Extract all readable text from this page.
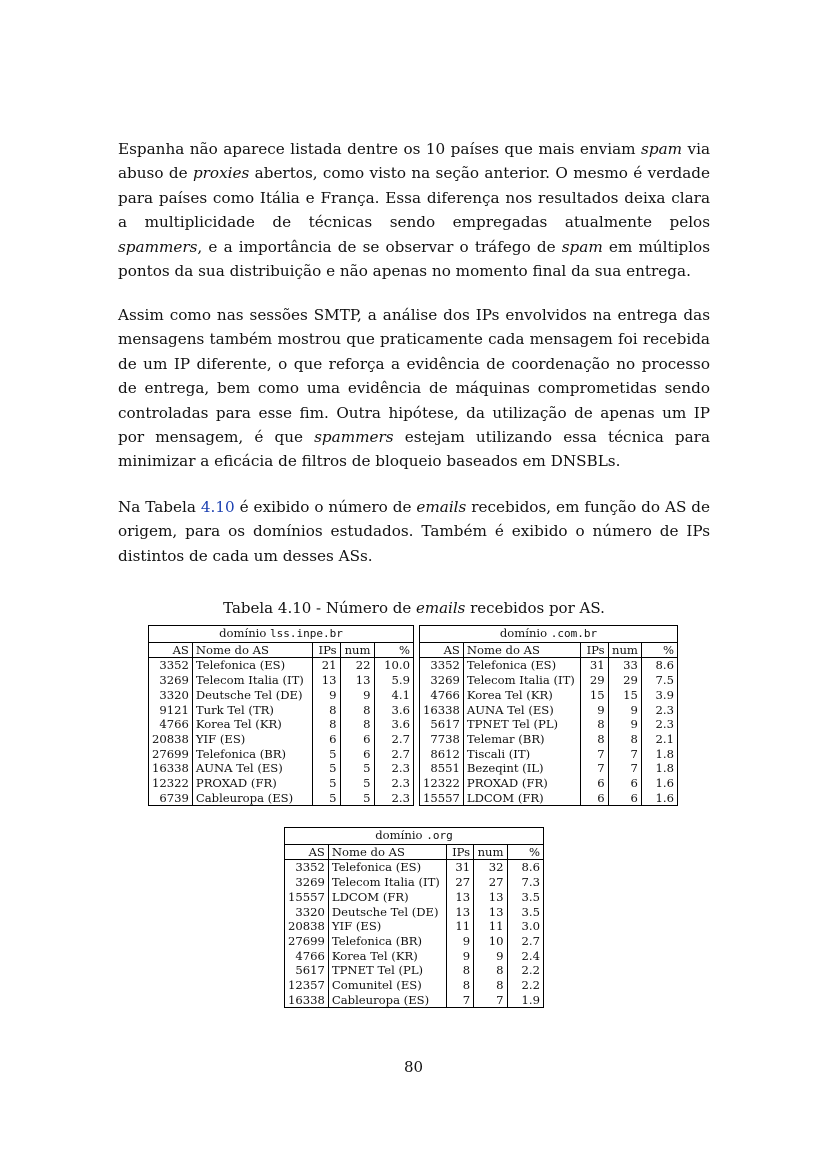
Espanha não aparece listada dentre os 10 países que mais enviam spam via abuso de proxies abertos, como visto na seção anterior. O mesmo é verdade para países como Itália e França. Essa diferença nos resultados deixa clara a multiplicidade de técnicas sendo empregadas atualmente pelos spammers, e a importância de se observar o tráfego de spam em múltiplos pontos da sua distribuição e não apenas no momento final da sua entrega.

Assim como nas sessões SMTP, a análise dos IPs envolvidos na entrega das mensagens também mostrou que praticamente cada mensagem foi recebida de um IP diferente, o que reforça a evidência de coordenação no processo de entrega, bem como uma evidência de máquinas comprometidas sendo controladas para esse fim. Outra hipótese, da utilização de apenas um IP por mensagem, é que spammers estejam utilizando essa técnica para minimizar a eficácia de filtros de bloqueio baseados em DNSBLs.

Na Tabela 4.10 é exibido o número de emails recebidos, em função do AS de origem, para os domínios estudados. Também é exibido o número de IPs distintos de cada um desses ASs.

Tabela 4.10 - Número de emails recebidos por AS.

domínio lss.inpe.br				
AS	Nome do AS	IPs	num	%
3352	Telefonica (ES)	21	22	10.0
3269	Telecom Italia (IT)	13	13	5.9
3320	Deutsche Tel (DE)	9	9	4.1
9121	Turk Tel (TR)	8	8	3.6
4766	Korea Tel (KR)	8	8	3.6
20838	YIF (ES)	6	6	2.7
27699	Telefonica (BR)	5	6	2.7
16338	AUNA Tel (ES)	5	5	2.3
12322	PROXAD (FR)	5	5	2.3
6739	Cableuropa (ES)	5	5	2.3
domínio .com.br				
AS	Nome do AS	IPs	num	%
3352	Telefonica (ES)	31	33	8.6
3269	Telecom Italia (IT)	29	29	7.5
4766	Korea Tel (KR)	15	15	3.9
16338	AUNA Tel (ES)	9	9	2.3
5617	TPNET Tel (PL)	8	9	2.3
7738	Telemar (BR)	8	8	2.1
8612	Tiscali (IT)	7	7	1.8
8551	Bezeqint (IL)	7	7	1.8
12322	PROXAD (FR)	6	6	1.6
15557	LDCOM (FR)	6	6	1.6
domínio .org				
AS	Nome do AS	IPs	num	%
3352	Telefonica (ES)	31	32	8.6
3269	Telecom Italia (IT)	27	27	7.3
15557	LDCOM (FR)	13	13	3.5
3320	Deutsche Tel (DE)	13	13	3.5
20838	YIF (ES)	11	11	3.0
27699	Telefonica (BR)	9	10	2.7
4766	Korea Tel (KR)	9	9	2.4
5617	TPNET Tel (PL)	8	8	2.2
12357	Comunitel (ES)	8	8	2.2
16338	Cableuropa (ES)	7	7	1.9

80
